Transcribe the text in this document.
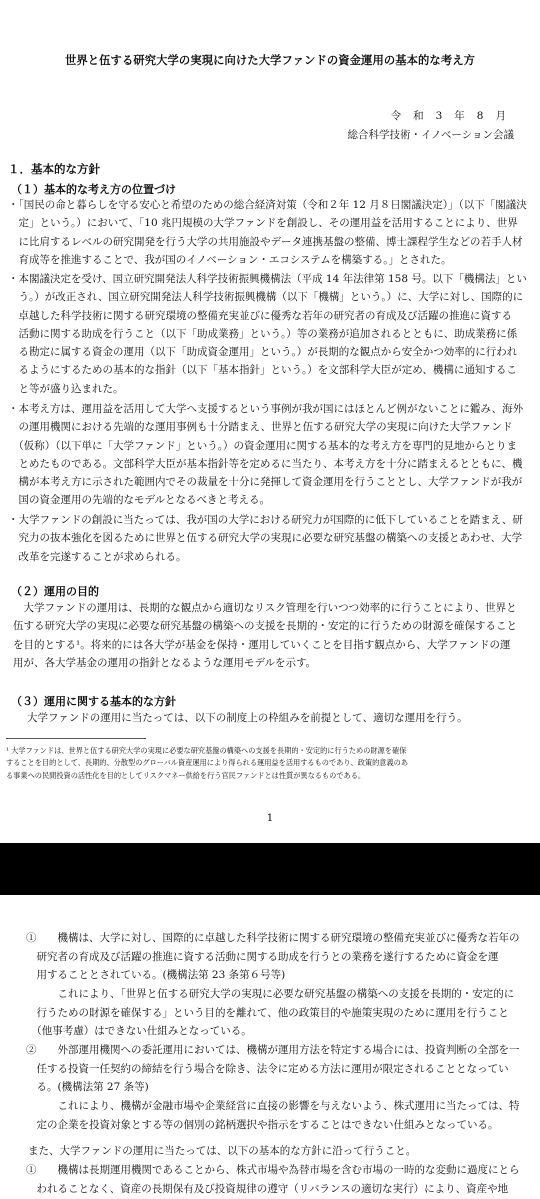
世界と伍する研究大学の実現に向けた大学ファンドの資金運用の基本的な考え方
令和3年8月
総合科学技術・イノベーション会議
１．基本的な方針
（１）基本的な考え方の位置づけ
・「国民の命と暮らしを守る安心と希望のための総合経済対策（令和２年 12 月８日閣議決定）」（以下「閣議決
　定」という。）において、「10 兆円規模の大学ファンドを創設し、その運用益を活用することにより、世界
　に比肩するレベルの研究開発を行う大学の共用施設やデータ連携基盤の整備、博士課程学生などの若手人材
　育成等を推進することで、我が国のイノベーション・エコシステムを構築する。」とされた。
・本閣議決定を受け、国立研究開発法人科学技術振興機構法（平成 14 年法律第 158 号。以下「機構法」とい
　う。）が改正され、国立研究開発法人科学技術振興機構（以下「機構」という。）に、大学に対し、国際的に
　卓越した科学技術に関する研究環境の整備充実並びに優秀な若年の研究者の育成及び活躍の推進に資する
　活動に関する助成を行うこと（以下「助成業務」という。）等の業務が追加されるとともに、助成業務に係
　る勘定に属する資金の運用（以下「助成資金運用」という。）が長期的な観点から安全かつ効率的に行われ
　るようにするための基本的な指針（以下「基本指針」という。）を文部科学大臣が定め、機構に通知するこ
　と等が盛り込まれた。
・本考え方は、運用益を活用して大学へ支援するという事例が我が国にはほとんど例がないことに鑑み、海外
　の運用機関における先端的な運用事例も十分踏まえ、世界と伍する研究大学の実現に向けた大学ファンド
　（仮称）（以下単に「大学ファンド」という。）の資金運用に関する基本的な考え方を専門的見地からとりま
　とめたものである。文部科学大臣が基本指針等を定めるに当たり、本考え方を十分に踏まえるとともに、機
　構が本考え方に示された範囲内でその裁量を十分に発揮して資金運用を行うこととし、大学ファンドが我が
　国の資金運用の先端的なモデルとなるべきと考える。
・大学ファンドの創設に当たっては、我が国の大学における研究力が国際的に低下していることを踏まえ、研
　究力の抜本強化を図るために世界と伍する研究大学の実現に必要な研究基盤の構築への支援とあわせ、大学
　改革を完遂することが求められる。
（２）運用の目的
　大学ファンドの運用は、長期的な観点から適切なリスク管理を行いつつ効率的に行うことにより、世界と
伍する研究大学の実現に必要な研究基盤の構築への支援を長期的・安定的に行うための財源を確保すること
を目的とする¹。将来的には各大学が基金を保持・運用していくことを目指す観点から、大学ファンドの運
用が、各大学基金の運用の指針となるような運用モデルを示す。
（３）運用に関する基本的な方針
大学ファンドの運用に当たっては、以下の制度上の枠組みを前提として、適切な運用を行う。
¹ 大学ファンドは、世界と伍する研究大学の実現に必要な研究基盤の構築への支援を長期的・安定的に行うための財源を確保
することを目的として、長期的、分散型のグローバル資産運用により得られる運用益を活用するものであり、政策的意義のあ
る事業への民間投資の活性化を目的としてリスクマネー供給を行う官民ファンドとは性質が異なるものである。
1
①　　機構は、大学に対し、国際的に卓越した科学技術に関する研究環境の整備充実並びに優秀な若年の
　研究者の育成及び活躍の推進に資する活動に関する助成を行うとの業務を遂行するために資金を運
　用することとされている。(機構法第 23 条第６号等)
　　　これにより、「世界と伍する研究大学の実現に必要な研究基盤の構築への支援を長期的・安定的に
　行うための財源を確保する」という目的を離れて、他の政策目的や施策実現のために運用を行うこと
　（他事考慮）はできない仕組みとなっている。
②　　外部運用機関への委託運用においては、機構が運用方法を特定する場合には、投資判断の全部を一
　任する投資一任契約の締結を行う場合を除き、法令に定める方法に運用が限定されることとなってい
　る。(機構法第 27 条等)
　　　これにより、機構が金融市場や企業経営に直接の影響を与えないよう、株式運用に当たっては、特
　定の企業を投資対象とする等の個別の銘柄選択や指示をすることはできない仕組みとなっている。
また、大学ファンドの運用に当たっては、以下の基本的な方針に沿って行うこと。
①　　機構は長期運用機関であることから、株式市場や為替市場を含む市場の一時的な変動に過度にとら
　われることなく、資産の長期保有及び投資規律の遵守（リバランスの適切な実行）により、資産や地
